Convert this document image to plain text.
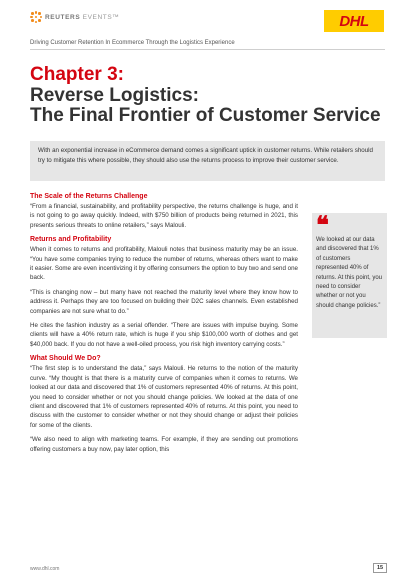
REUTERS EVENTS™	DHL
Driving Customer Retention In Ecommerce Through the Logistics Experience
Chapter 3:
Reverse Logistics:
The Final Frontier of Customer Service
With an exponential increase in eCommerce demand comes a significant uptick in customer returns. While retailers should try to mitigate this where possible, they should also use the returns process to improve their customer service.
The Scale of the Returns Challenge

“From a financial, sustainability, and profitability perspective, the returns challenge is huge, and it is not going to go away quickly. Indeed, with $750 billion of products being returned in 2021, this presents serious threats to online retailers,” says Malouli.

Returns and Profitability

When it comes to returns and profitability, Malouli notes that business maturity may be an issue. “You have some companies trying to reduce the number of returns, whereas others want to make it easier. Some are even incentivizing it by offering consumers the option to buy two and send one back.

“This is changing now – but many have not reached the maturity level where they know how to address it. Perhaps they are too focused on building their D2C sales channels. Even established companies are not sure what to do.”

He cites the fashion industry as a serial offender. “There are issues with impulse buying. Some clients will have a 40% return rate, which is huge if you ship $100,000 worth of clothes and get $40,000 back. If you do not have a well-oiled process, you risk high inventory carrying costs.”

What Should We Do?

“The first step is to understand the data,” says Malouli. He returns to the notion of the maturity curve. “My thought is that there is a maturity curve of companies when it comes to returns. We looked at our data and discovered that 1% of customers represented 40% of returns. At this point, you need to consider whether or not you should change policies. We looked at the data of one client and discovered that 1% of customers represented 40% of returns. At this point, you need to discuss with the customer to consider whether or not they should change or adjust their policies for some of the clients.

“We also need to align with marketing teams. For example, if they are sending out promotions offering customers a buy now, pay later option, this

❝
We looked at our data and discovered that 1% of customers represented 40% of returns. At this point, you need to consider whether or not you should change policies.”
www.dhl.com	15
